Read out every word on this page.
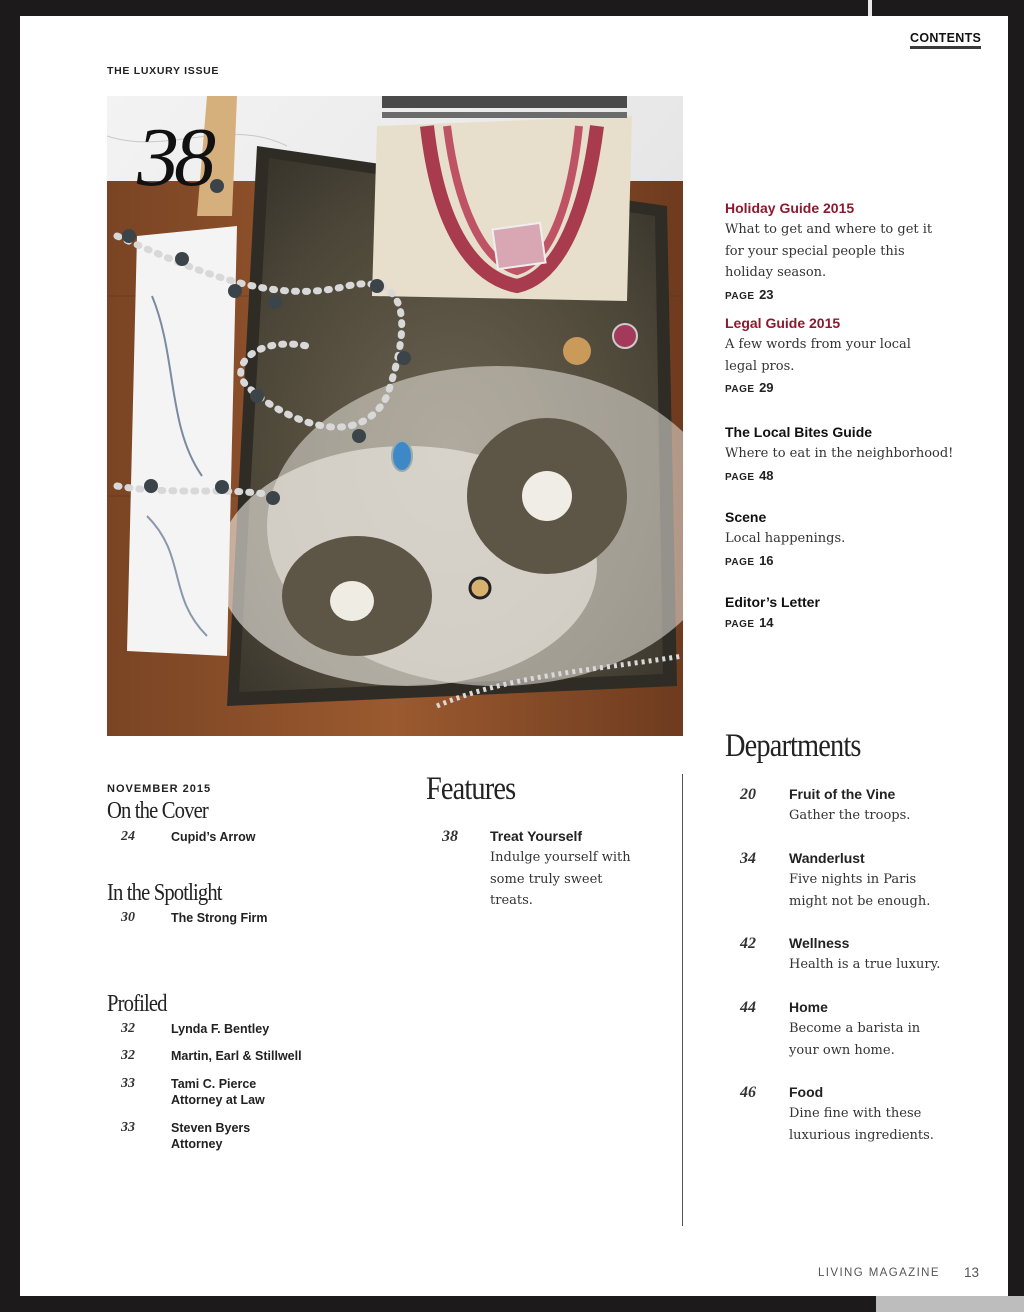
CONTENTS
THE LUXURY ISSUE
38
Holiday Guide 2015
What to get and where to get it
for your special people this
holiday season.
PAGE 23
Legal Guide 2015
A few words from your local
legal pros.
PAGE 29
The Local Bites Guide
Where to eat in the neighborhood!
PAGE 48
Scene
Local happenings.
PAGE 16
Editor’s Letter
PAGE 14
NOVEMBER 2015
On the Cover
24	Cupid’s Arrow
In the Spotlight
30	The Strong Firm
Profiled
32	Lynda F. Bentley
32	Martin, Earl & Stillwell
33	Tami C. Pierce
Attorney at Law
33	Steven Byers
Attorney
Features
38 Treat Yourself
Indulge yourself with
some truly sweet
treats.
Departments
20 Fruit of the Vine
Gather the troops.
34 Wanderlust
Five nights in Paris
might not be enough.
42 Wellness
Health is a true luxury.
44 Home
Become a barista in
your own home.
46 Food
Dine fine with these
luxurious ingredients.
LIVING MAGAZINE 13
